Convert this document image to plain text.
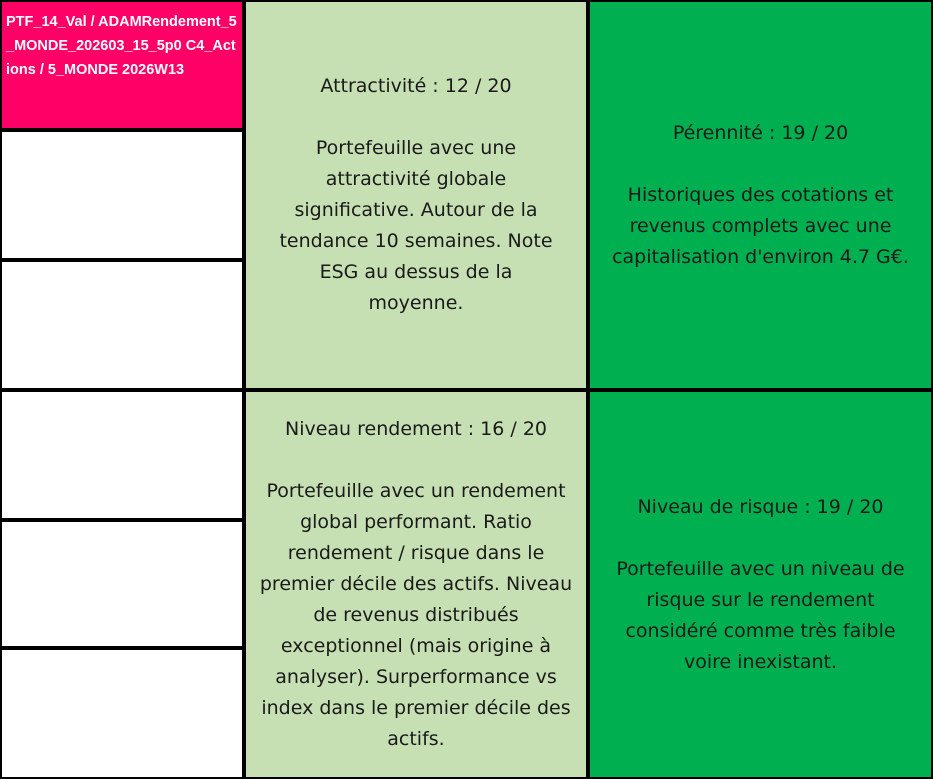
PTF_14_Val / ADAMRendement_5_MONDE_202603_15_5p0 C4_Actions / 5_MONDE 2026W13

Attractivité : 12 / 20

Portefeuille avec une attractivité globale significative. Autour de la tendance 10 semaines. Note ESG au dessus de la moyenne.

Pérennité : 19 / 20

Historiques des cotations et revenus complets avec une capitalisation d'environ 4.7 G€.

Niveau rendement : 16 / 20

Portefeuille avec un rendement global performant. Ratio rendement / risque dans le premier décile des actifs. Niveau de revenus distribués exceptionnel (mais origine à analyser). Surperformance vs index dans le premier décile des actifs.

Niveau de risque : 19 / 20

Portefeuille avec un niveau de risque sur le rendement considéré comme très faible voire inexistant.
